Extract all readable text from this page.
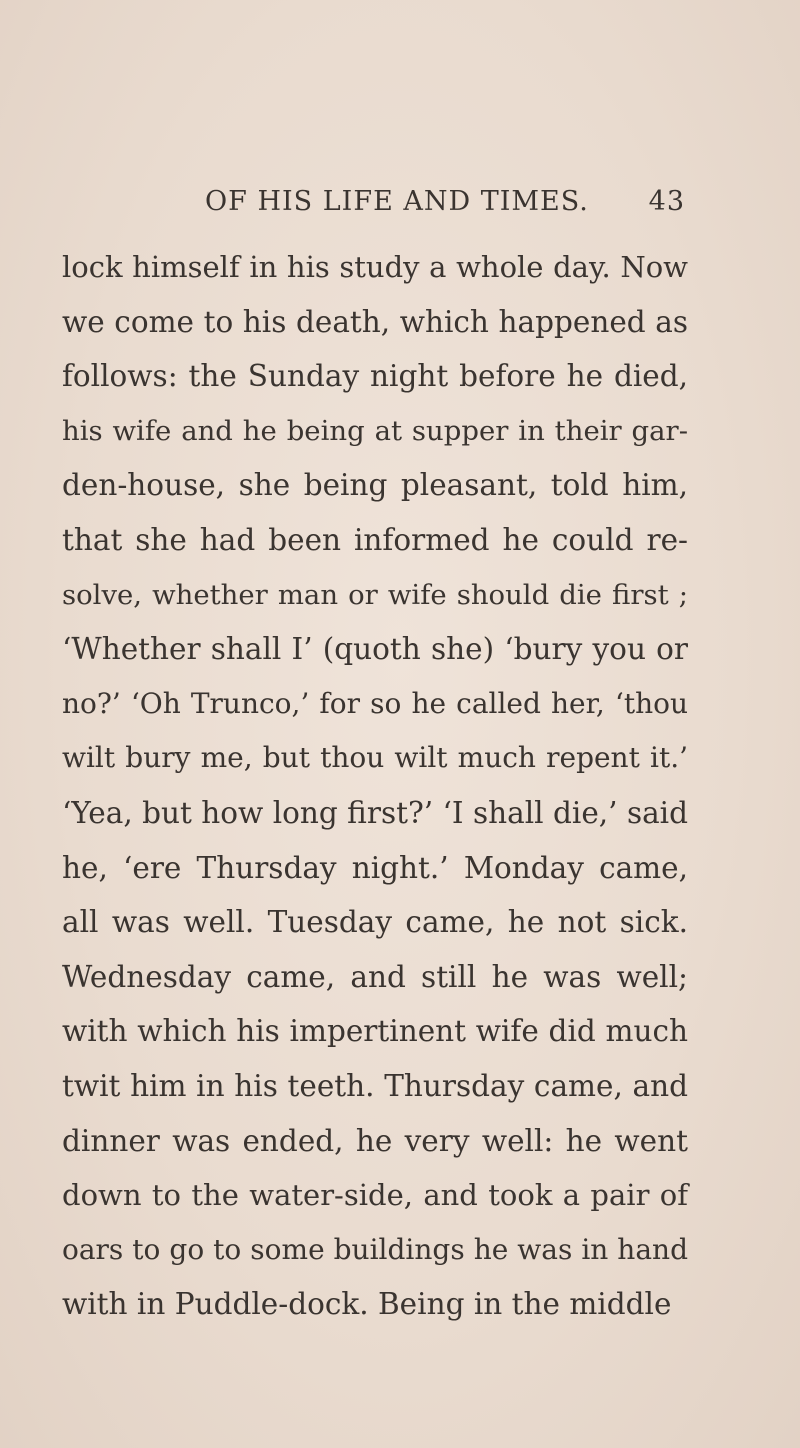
OF HIS LIFE AND TIMES. 43
lock himself in his study a whole day. Now
we come to his death, which happened as
follows: the Sunday night before he died,
his wife and he being at supper in their gar-
den-house, she being pleasant, told him,
that she had been informed he could re-
solve, whether man or wife should die first ;
‘Whether shall I’ (quoth she) ‘bury you or
no?’ ‘Oh Trunco,’ for so he called her, ‘thou
wilt bury me, but thou wilt much repent it.’
‘Yea, but how long first?’ ‘I shall die,’ said
he, ‘ere Thursday night.’ Monday came,
all was well. Tuesday came, he not sick.
Wednesday came, and still he was well;
with which his impertinent wife did much
twit him in his teeth. Thursday came, and
dinner was ended, he very well: he went
down to the water-side, and took a pair of
oars to go to some buildings he was in hand
with in Puddle-dock. Being in the middle
